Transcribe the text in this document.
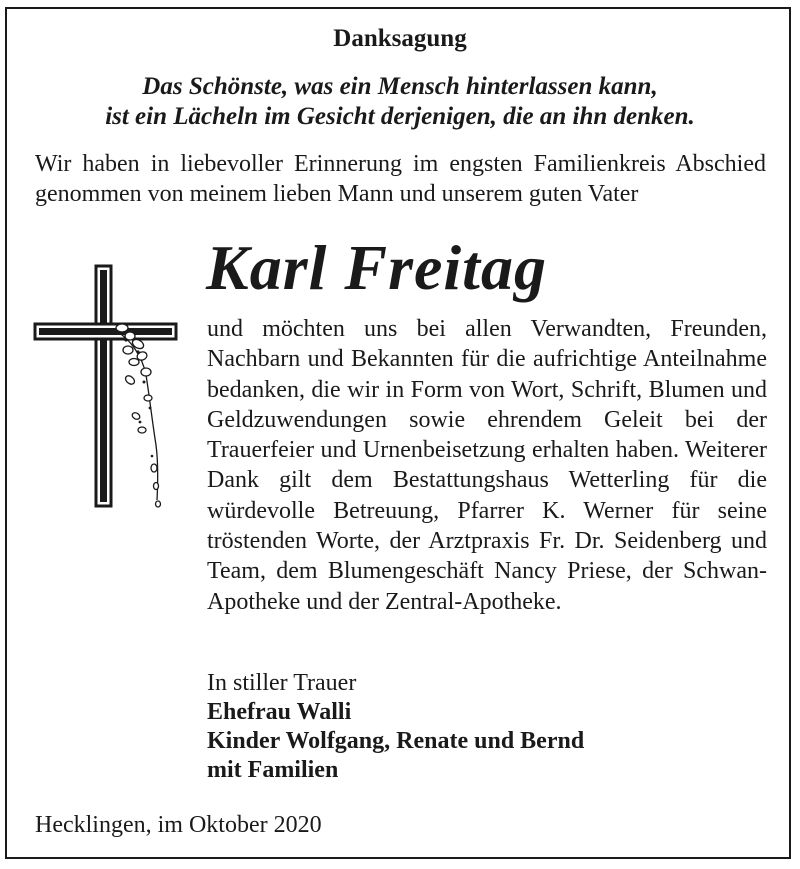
Danksagung
Das Schönste, was ein Mensch hinterlassen kann,
ist ein Lächeln im Gesicht derjenigen, die an ihn denken.
Wir haben in liebevoller Erinnerung im engsten Familienkreis Abschied genommen von meinem lieben Mann und unserem guten Vater
Karl Freitag
und möchten uns bei allen Verwandten, Freunden, Nachbarn und Bekannten für die aufrichtige Anteilnahme bedanken, die wir in Form von Wort, Schrift, Blumen und Geldzuwendungen sowie ehrendem Geleit bei der Trauerfeier und Urnenbeisetzung erhalten haben. Weiterer Dank gilt dem Bestattungshaus Wetterling für die würdevolle Betreuung, Pfarrer K. Werner für seine tröstenden Worte, der Arztpraxis Fr. Dr. Seidenberg und Team, dem Blumengeschäft Nancy Priese, der Schwan-Apotheke und der Zentral-Apotheke.
In stiller Trauer
Ehefrau Walli
Kinder Wolfgang, Renate und Bernd
mit Familien
Hecklingen, im Oktober 2020
